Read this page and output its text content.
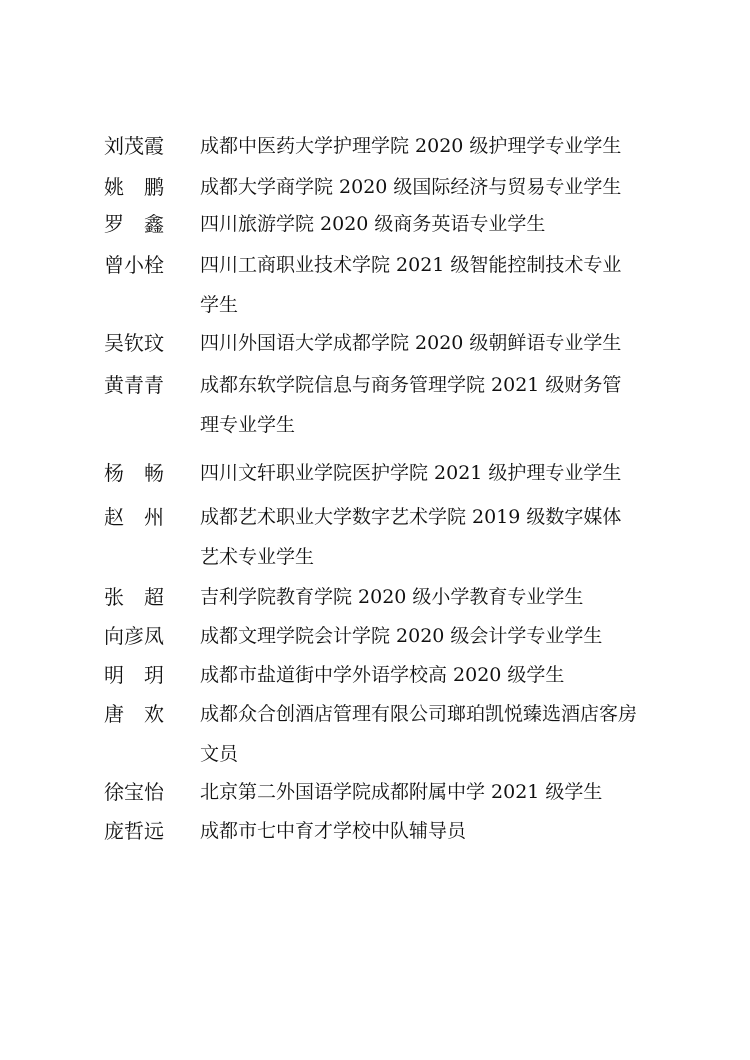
刘茂霞	成都中医药大学护理学院 2020 级护理学专业学生
姚　鹏	成都大学商学院 2020 级国际经济与贸易专业学生
罗　鑫	四川旅游学院 2020 级商务英语专业学生
曾小栓	四川工商职业技术学院 2021 级智能控制技术专业学生
吴钦玟	四川外国语大学成都学院 2020 级朝鲜语专业学生
黄青青	成都东软学院信息与商务管理学院 2021 级财务管理专业学生
杨　畅	四川文轩职业学院医护学院 2021 级护理专业学生
赵　州	成都艺术职业大学数字艺术学院 2019 级数字媒体艺术专业学生
张　超	吉利学院教育学院 2020 级小学教育专业学生
向彦凤	成都文理学院会计学院 2020 级会计学专业学生
明　玥	成都市盐道街中学外语学校高 2020 级学生
唐　欢	成都众合创酒店管理有限公司瑯珀凯悦臻选酒店客房文员
徐宝怡	北京第二外国语学院成都附属中学 2021 级学生
庞哲远	成都市七中育才学校中队辅导员
